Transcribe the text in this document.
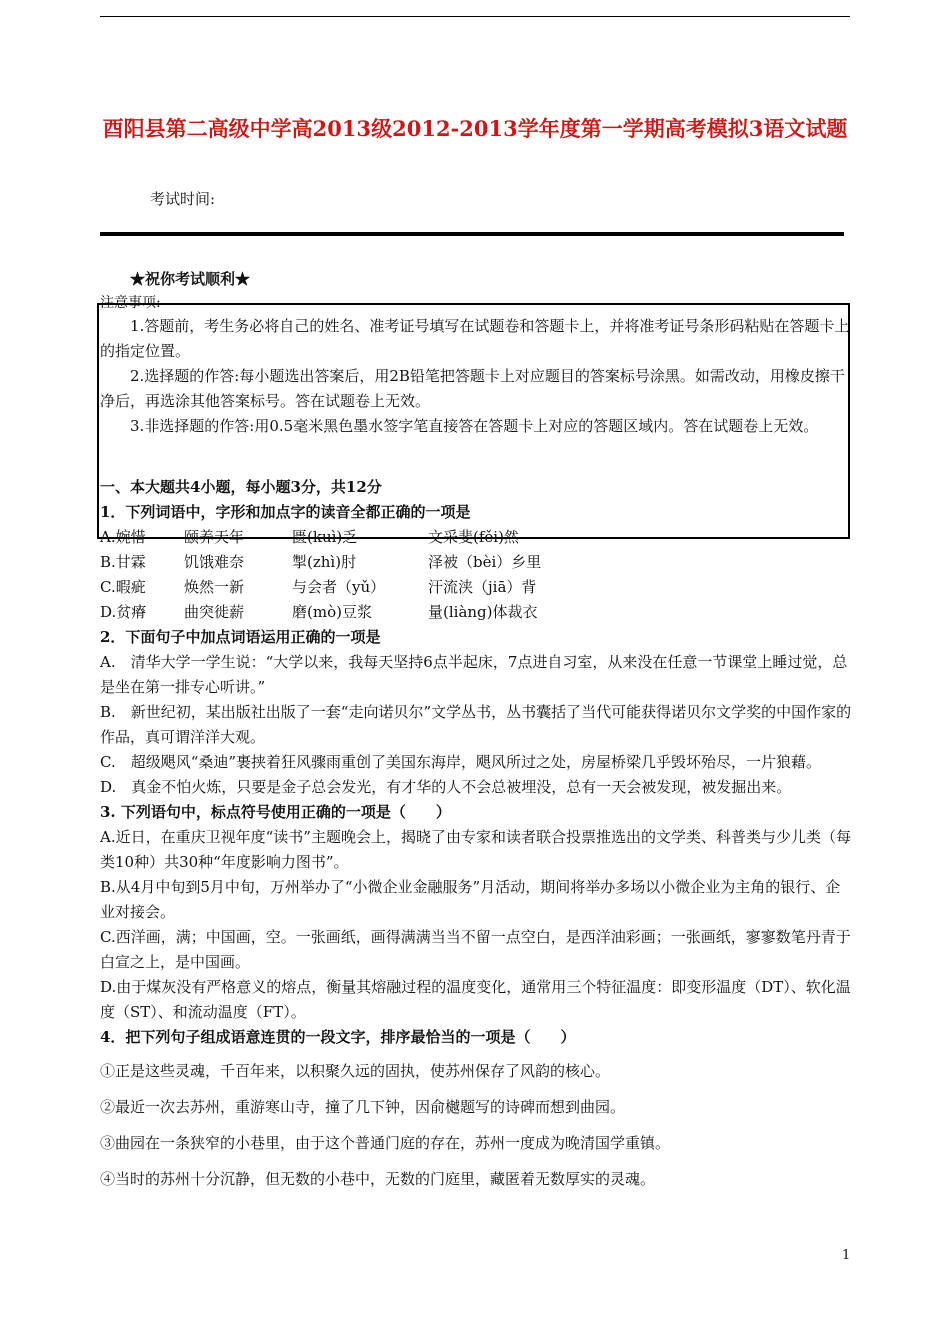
酉阳县第二高级中学高2013级2012-2013学年度第一学期高考模拟3语文试题
考试时间:
★祝你考试顺利★
注意事项:

1.答题前，考生务必将自己的姓名、准考证号填写在试题卷和答题卡上，并将准考证号条形码粘贴在答题卡上的指定位置。

2.选择题的作答:每小题选出答案后，用2B铅笔把答题卡上对应题目的答案标号涂黑。如需改动，用橡皮擦干净后，再选涂其他答案标号。答在试题卷上无效。

3.非选择题的作答:用0.5毫米黑色墨水签字笔直接答在答题卡上对应的答题区域内。答在试题卷上无效。

一、本大题共4小题，每小题3分，共12分

1．下列词语中，字形和加点字的读音全都正确的一项是

A.婉惜	颐养天年	匮(kuì)乏	文采斐(fěi)然
B.甘霖	饥饿难奈	掣(zhì)肘	泽被（bèi）乡里
C.暇疵	焕然一新	与会者（yǔ）	汗流浃（jiā）背
D.贫瘠	曲突徙薪	磨(mò)豆浆	量(liàng)体裁衣

2．下面句子中加点词语运用正确的一项是

A.　清华大学一学生说：“大学以来，我每天坚持6点半起床，7点进自习室，从来没在任意一节课堂上睡过觉，总是坐在第一排专心听讲。”

B.　新世纪初，某出版社出版了一套“走向诺贝尔”文学丛书，丛书囊括了当代可能获得诺贝尔文学奖的中国作家的作品，真可谓洋洋大观。

C.　超级飓风“桑迪”裹挟着狂风骤雨重创了美国东海岸，飓风所过之处，房屋桥梁几乎毁坏殆尽，一片狼藉。

D.　真金不怕火炼，只要是金子总会发光，有才华的人不会总被埋没，总有一天会被发现，被发掘出来。

3. 下列语句中，标点符号使用正确的一项是（　　）

A.近日，在重庆卫视年度“读书”主题晚会上，揭晓了由专家和读者联合投票推选出的文学类、科普类与少儿类（每类10种）共30种“年度影响力图书”。

B.从4月中旬到5月中旬，万州举办了“小微企业金融服务”月活动，期间将举办多场以小微企业为主角的银行、企业对接会。

C.西洋画，满；中国画，空。一张画纸，画得满满当当不留一点空白，是西洋油彩画；一张画纸，寥寥数笔丹青于白宣之上，是中国画。

D.由于煤灰没有严格意义的熔点，衡量其熔融过程的温度变化，通常用三个特征温度：即变形温度（DT）、软化温度（ST）、和流动温度（FT）。

4．把下列句子组成语意连贯的一段文字，排序最恰当的一项是（　　）

①正是这些灵魂，千百年来，以积聚久远的固执，使苏州保存了风韵的核心。

②最近一次去苏州，重游寒山寺，撞了几下钟，因俞樾题写的诗碑而想到曲园。

③曲园在一条狭窄的小巷里，由于这个普通门庭的存在，苏州一度成为晚清国学重镇。

④当时的苏州十分沉静，但无数的小巷中，无数的门庭里，藏匿着无数厚实的灵魂。

1
